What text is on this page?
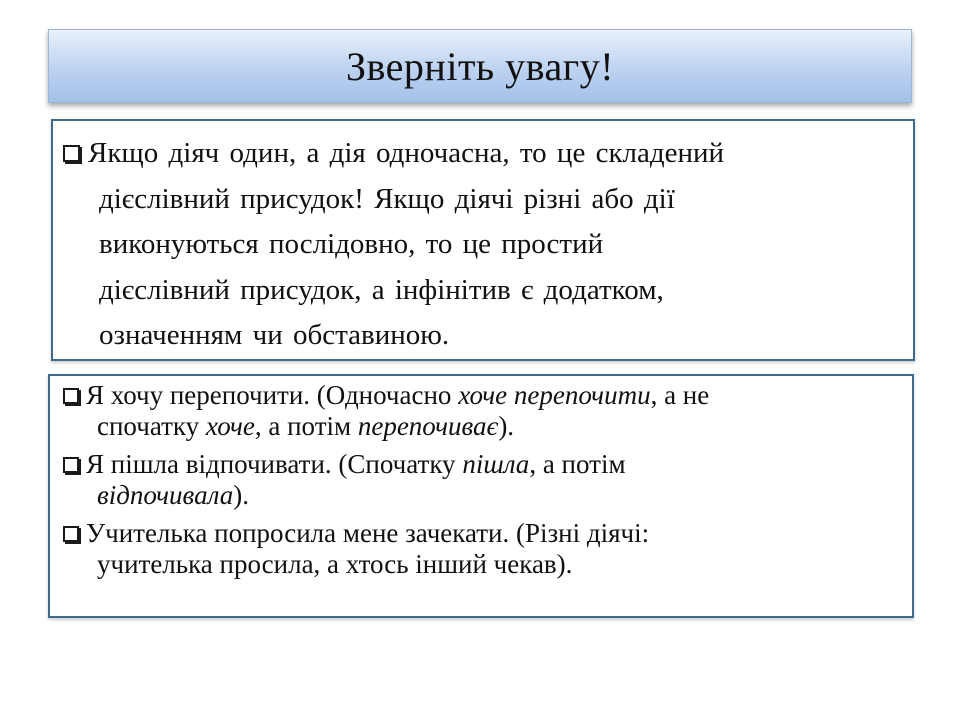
Зверніть увагу!
Якщо діяч один, а дія одночасна, то це складений
дієслівний присудок! Якщо діячі різні або дії
виконуються послідовно, то це простий
дієслівний присудок, а інфінітив є додатком,
означенням чи обставиною.
Я хочу перепочити. (Одночасно хоче перепочити, а не
спочатку хоче, а потім перепочиває).
Я пішла відпочивати. (Спочатку пішла, а потім
відпочивала).
Учителька попросила мене зачекати. (Різні діячі:
учителька просила, а хтось інший чекав).
